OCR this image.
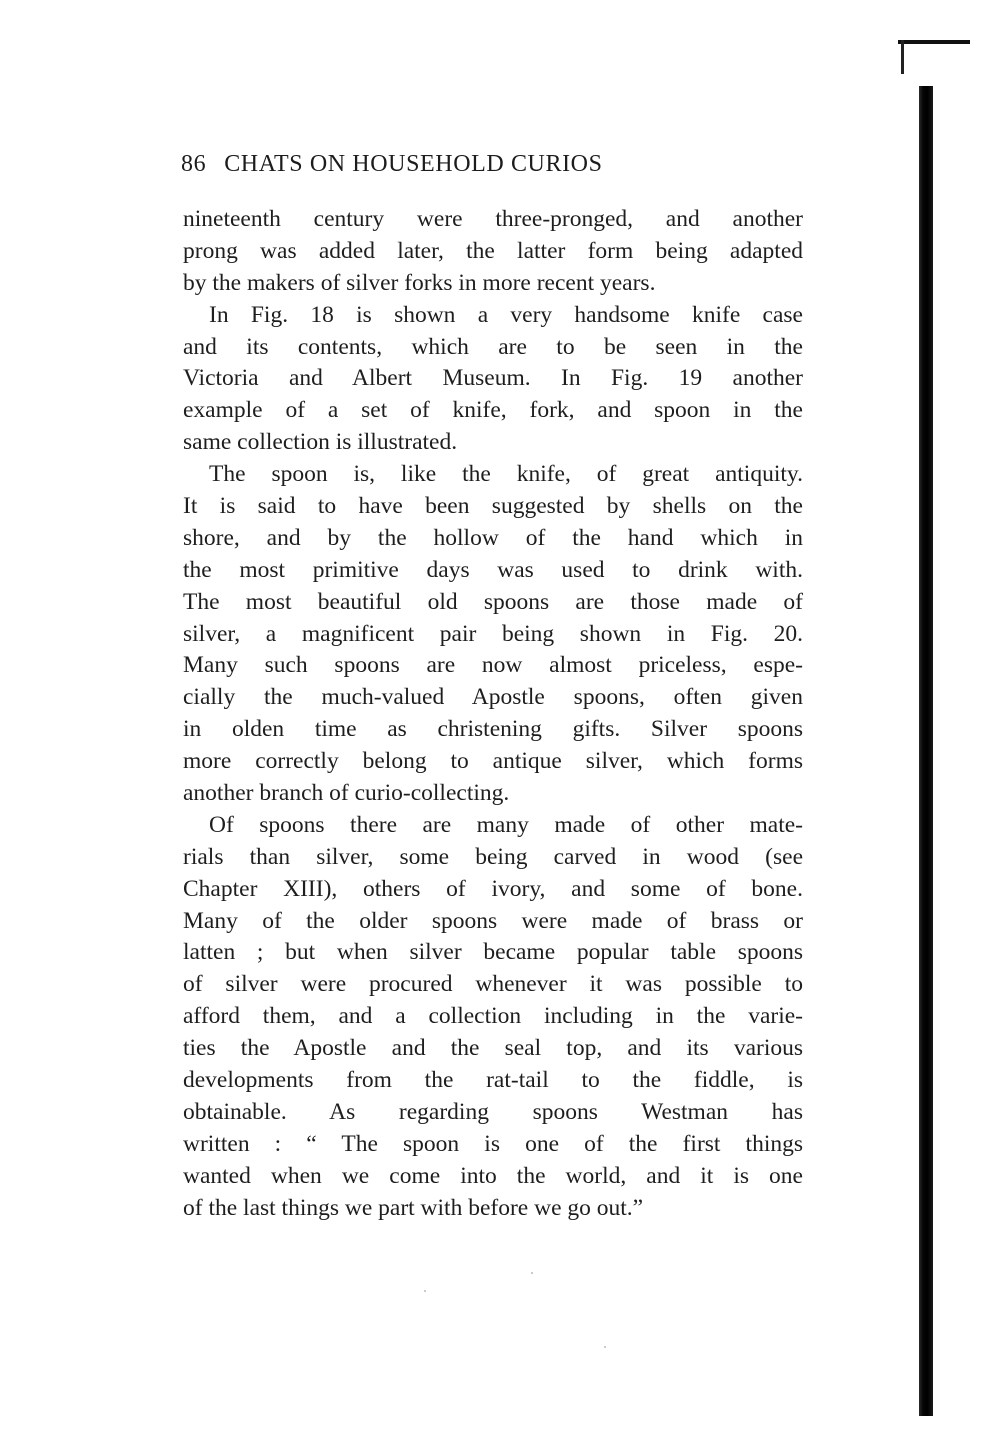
86 CHATS ON HOUSEHOLD CURIOS
nineteenth century were three-pronged, and another
prong was added later, the latter form being adapted
by the makers of silver forks in more recent years.
In Fig. 18 is shown a very handsome knife case
and its contents, which are to be seen in the
Victoria and Albert Museum. In Fig. 19 another
example of a set of knife, fork, and spoon in the
same collection is illustrated.
The spoon is, like the knife, of great antiquity.
It is said to have been suggested by shells on the
shore, and by the hollow of the hand which in
the most primitive days was used to drink with.
The most beautiful old spoons are those made of
silver, a magnificent pair being shown in Fig. 20.
Many such spoons are now almost priceless, espe-
cially the much-valued Apostle spoons, often given
in olden time as christening gifts. Silver spoons
more correctly belong to antique silver, which forms
another branch of curio-collecting.
Of spoons there are many made of other mate-
rials than silver, some being carved in wood (see
Chapter XIII), others of ivory, and some of bone.
Many of the older spoons were made of brass or
latten ; but when silver became popular table spoons
of silver were procured whenever it was possible to
afford them, and a collection including in the varie-
ties the Apostle and the seal top, and its various
developments from the rat-tail to the fiddle, is
obtainable. As regarding spoons Westman has
written : “ The spoon is one of the first things
wanted when we come into the world, and it is one
of the last things we part with before we go out.”
